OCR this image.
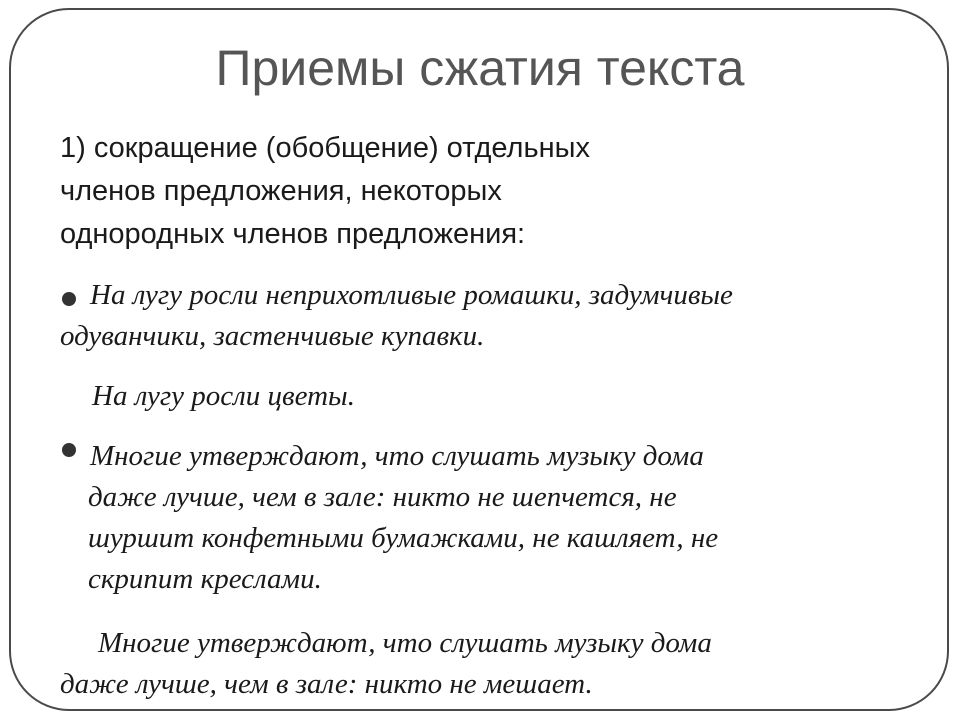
Приемы сжатия текста
1) сокращение (обобщение) отдельных
членов предложения, некоторых
однородных членов предложения:
На лугу росли неприхотливые ромашки, задумчивые
одуванчики, застенчивые купавки.
На лугу росли цветы.
Многие утверждают, что слушать музыку дома
даже лучше, чем в зале: никто не шепчется, не
шуршит конфетными бумажками, не кашляет, не
скрипит креслами.
Многие утверждают, что слушать музыку дома
даже лучше, чем в зале: никто не мешает.
